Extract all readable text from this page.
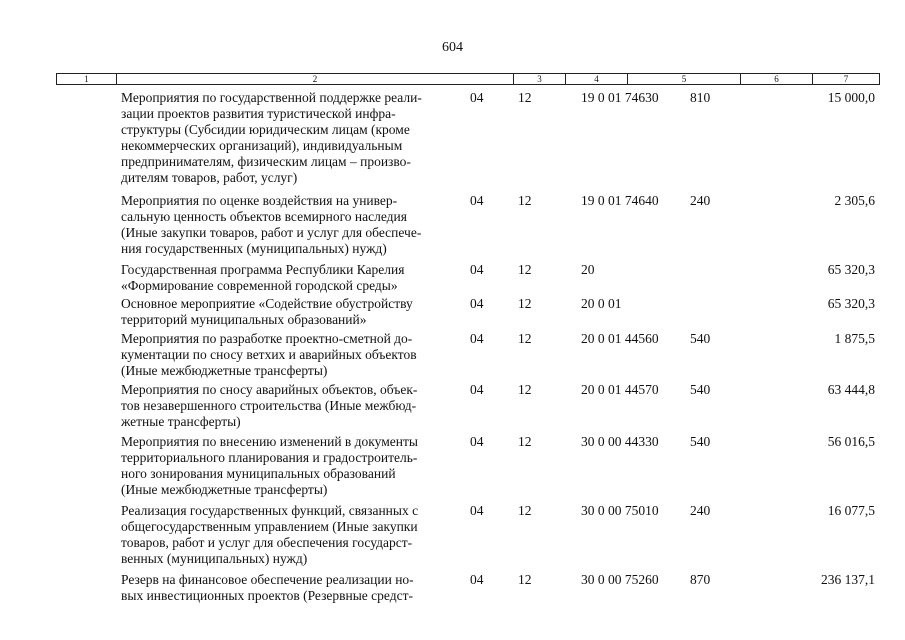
604
1	2	3	4	5	6	7
Мероприятия по государственной поддержке реали-
зации проектов развития туристической инфра-
структуры (Субсидии юридическим лицам (кроме
некоммерческих организаций), индивидуальным
предпринимателям, физическим лицам – произво-
дителям товаров, работ, услуг)
04	12	19 0 01 74630 810	15 000,0
Мероприятия по оценке воздействия на универ-
сальную ценность объектов всемирного наследия
(Иные закупки товаров, работ и услуг для обеспече-
ния государственных (муниципальных) нужд)
04	12	19 0 01 74640 240	2 305,6
Государственная программа Республики Карелия
«Формирование современной городской среды»
04	12	20	65 320,3
Основное мероприятие «Содействие обустройству
территорий муниципальных образований»
04	12	20 0 01	65 320,3
Мероприятия по разработке проектно-сметной до-
кументации по сносу ветхих и аварийных объектов
(Иные межбюджетные трансферты)
04	12	20 0 01 44560 540	1 875,5
Мероприятия по сносу аварийных объектов, объек-
тов незавершенного строительства (Иные межбюд-
жетные трансферты)
04	12	20 0 01 44570 540	63 444,8
Мероприятия по внесению изменений в документы
территориального планирования и градостроитель-
ного зонирования муниципальных образований
(Иные межбюджетные трансферты)
04	12	30 0 00 44330 540	56 016,5
Реализация государственных функций, связанных с
общегосударственным управлением (Иные закупки
товаров, работ и услуг для обеспечения государст-
венных (муниципальных) нужд)
04	12	30 0 00 75010 240	16 077,5
Резерв на финансовое обеспечение реализации но-
вых инвестиционных проектов (Резервные средст-
04	12	30 0 00 75260 870	236 137,1
